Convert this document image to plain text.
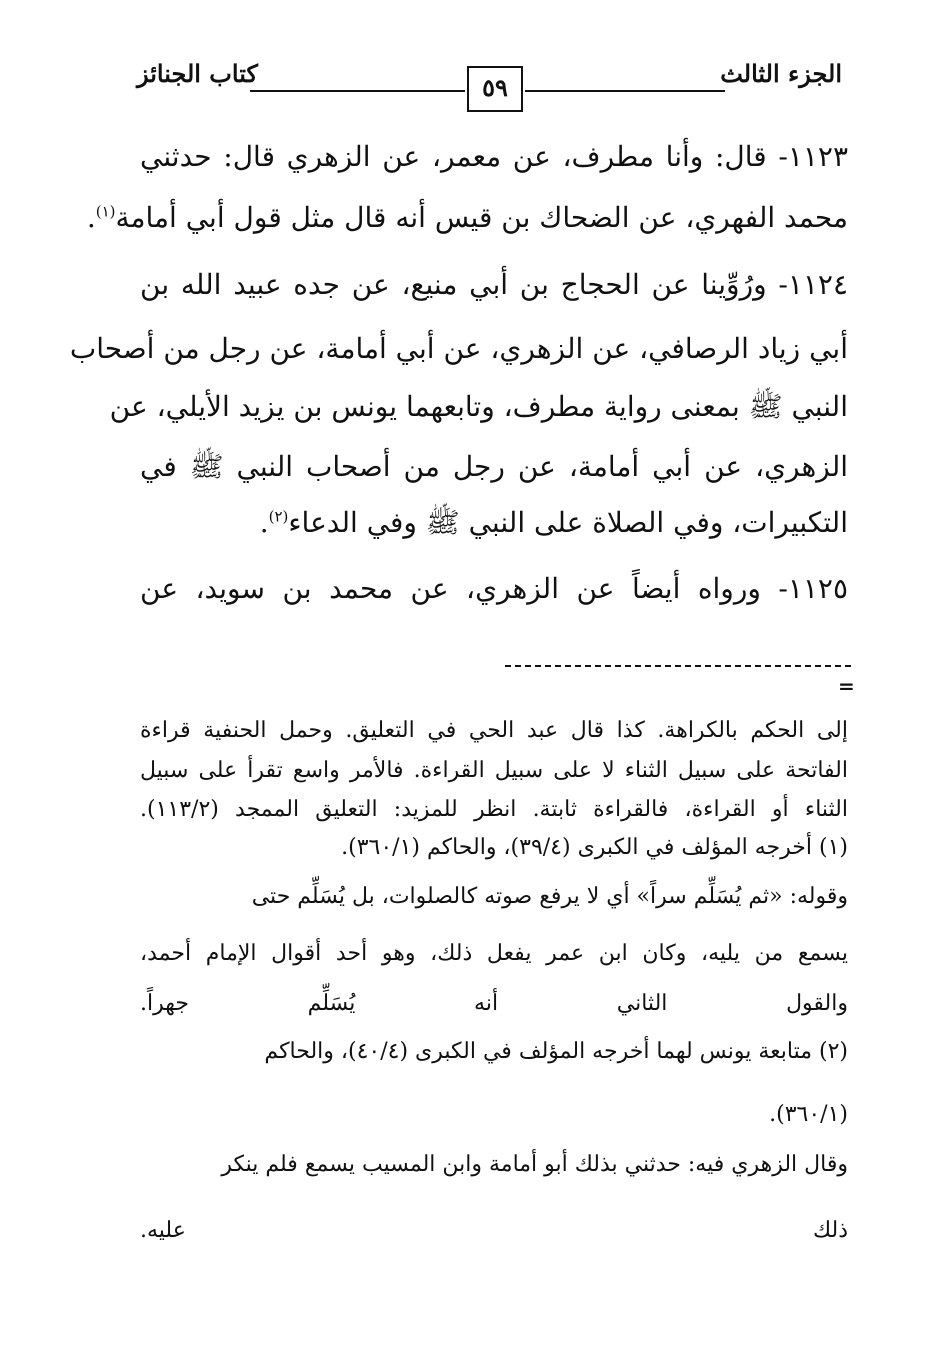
الجزء الثالث
كتاب الجنائز	٥٩
١١٢٣- قال: وأنا مطرف، عن معمر، عن الزهري قال: حدثني
محمد الفهري، عن الضحاك بن قيس أنه قال مثل قول أبي أمامة$^{(١)}$.
١١٢٤- ورُوِّينا عن الحجاج بن أبي منيع، عن جده عبيد الله بن
أبي زياد الرصافي، عن الزهري، عن أبي أمامة، عن رجل من أصحاب
النبي ﷺ بمعنى رواية مطرف، وتابعهما يونس بن يزيد الأيلي، عن
الزهري، عن أبي أمامة، عن رجل من أصحاب النبي ﷺ في
التكبيرات، وفي الصلاة على النبي ﷺ وفي الدعاء$^{(٢)}$.
١١٢٥- ورواه أيضاً عن الزهري، عن محمد بن سويد، عن
=
إلى الحكم بالكراهة. كذا قال عبد الحي في التعليق. وحمل الحنفية قراءة
الفاتحة على سبيل الثناء لا على سبيل القراءة. فالأمر واسع تقرأ على سبيل
الثناء أو القراءة، فالقراءة ثابتة. انظر للمزيد: التعليق الممجد (١١٣/٢).
(١) أخرجه المؤلف في الكبرى (٣٩/٤)، والحاكم (٣٦٠/١).
وقوله: «ثم يُسَلِّم سراً» أي لا يرفع صوته كالصلوات، بل يُسَلِّم حتى
يسمع من يليه، وكان ابن عمر يفعل ذلك، وهو أحد أقوال الإمام أحمد،
والقول الثاني أنه يُسَلِّم جهراً.
(٢) متابعة يونس لهما أخرجه المؤلف في الكبرى (٤٠/٤)، والحاكم
(٣٦٠/١).
وقال الزهري فيه: حدثني بذلك أبو أمامة وابن المسيب يسمع فلم ينكر
ذلك عليه.
